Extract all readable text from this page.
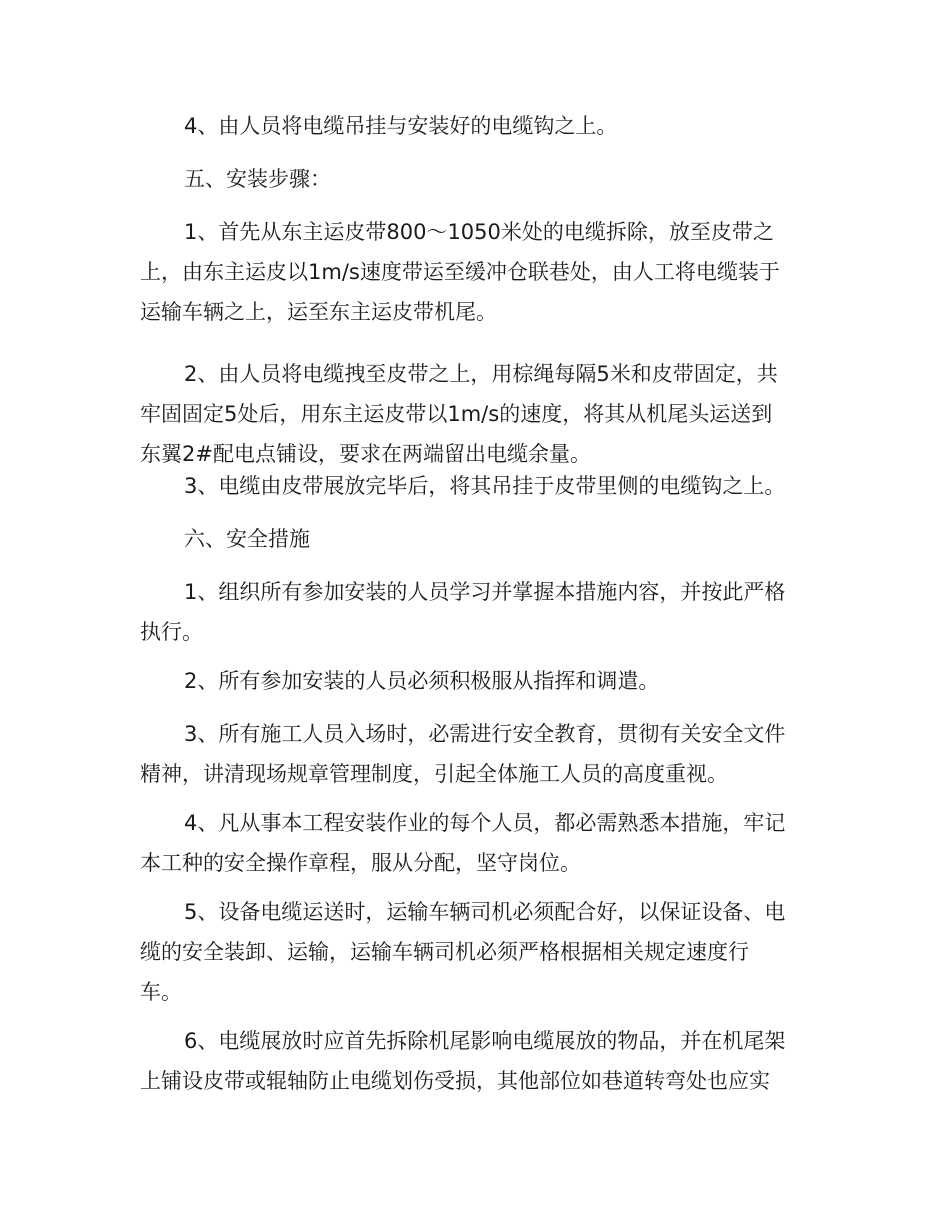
4、由人员将电缆吊挂与安装好的电缆钩之上。
五、安装步骤：
1、首先从东主运皮带800～1050米处的电缆拆除，放至皮带之
上，由东主运皮以1m/s速度带运至缓冲仓联巷处，由人工将电缆装于
运输车辆之上，运至东主运皮带机尾。
2、由人员将电缆拽至皮带之上，用棕绳每隔5米和皮带固定，共
牢固固定5处后，用东主运皮带以1m/s的速度，将其从机尾头运送到
东翼2#配电点铺设，要求在两端留出电缆余量。
3、电缆由皮带展放完毕后，将其吊挂于皮带里侧的电缆钩之上。
六、安全措施
1、组织所有参加安装的人员学习并掌握本措施内容，并按此严格
执行。
2、所有参加安装的人员必须积极服从指挥和调遣。
3、所有施工人员入场时，必需进行安全教育，贯彻有关安全文件
精神，讲清现场规章管理制度，引起全体施工人员的高度重视。
4、凡从事本工程安装作业的每个人员，都必需熟悉本措施，牢记
本工种的安全操作章程，服从分配，坚守岗位。
5、设备电缆运送时，运输车辆司机必须配合好，以保证设备、电
缆的安全装卸、运输，运输车辆司机必须严格根据相关规定速度行
车。
6、电缆展放时应首先拆除机尾影响电缆展放的物品，并在机尾架
上铺设皮带或辊轴防止电缆划伤受损，其他部位如巷道转弯处也应实
